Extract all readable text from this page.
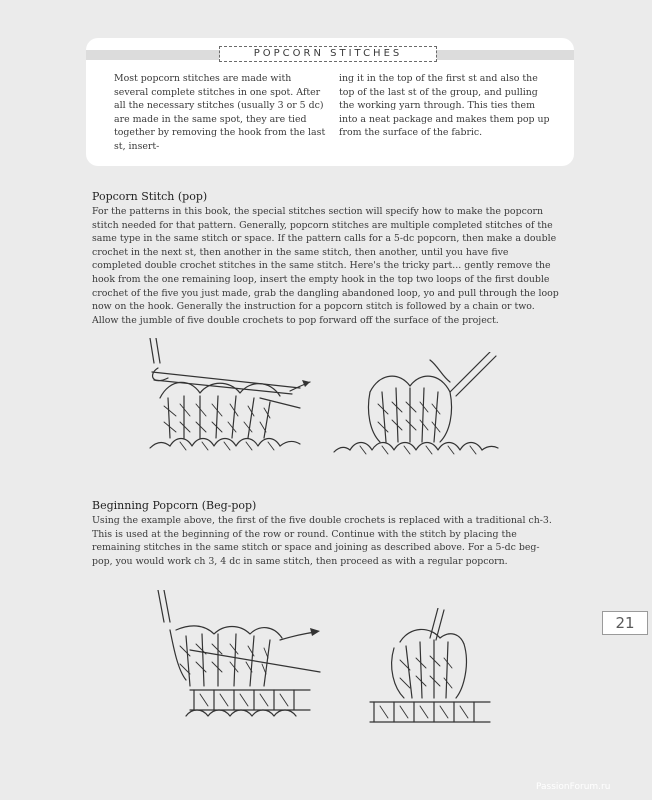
POPCORN STITCHES

Most popcorn stitches are made with several complete stitches in one spot. After all the necessary stitches (usually 3 or 5 dc) are made in the same spot, they are tied together by removing the hook from the last st, insert-

ing it in the top of the first st and also the top of the last st of the group, and pulling the working yarn through. This ties them into a neat package and makes them pop up from the surface of the fabric.

Popcorn Stitch (pop)

For the patterns in this book, the special stitches section will specify how to make the popcorn stitch needed for that pattern. Generally, popcorn stitches are multiple completed stitches of the same type in the same stitch or space. If the pattern calls for a 5-dc popcorn, then make a double crochet in the next st, then another in the same stitch, then another, until you have five completed double crochet stitches in the same stitch. Here's the tricky part... gently remove the hook from the one remaining loop, insert the empty hook in the top two loops of the first double crochet of the five you just made, grab the dangling abandoned loop, yo and pull through the loop now on the hook. Generally the instruction for a popcorn stitch is followed by a chain or two. Allow the jumble of five double crochets to pop forward off the surface of the project.

Beginning Popcorn (Beg-pop)

Using the example above, the first of the five double crochets is replaced with a traditional ch-3. This is used at the beginning of the row or round. Continue with the stitch by placing the remaining stitches in the same stitch or space and joining as described above. For a 5-dc beg-pop, you would work ch 3, 4 dc in same stitch, then proceed as with a regular popcorn.

21
PassionForum.ru
